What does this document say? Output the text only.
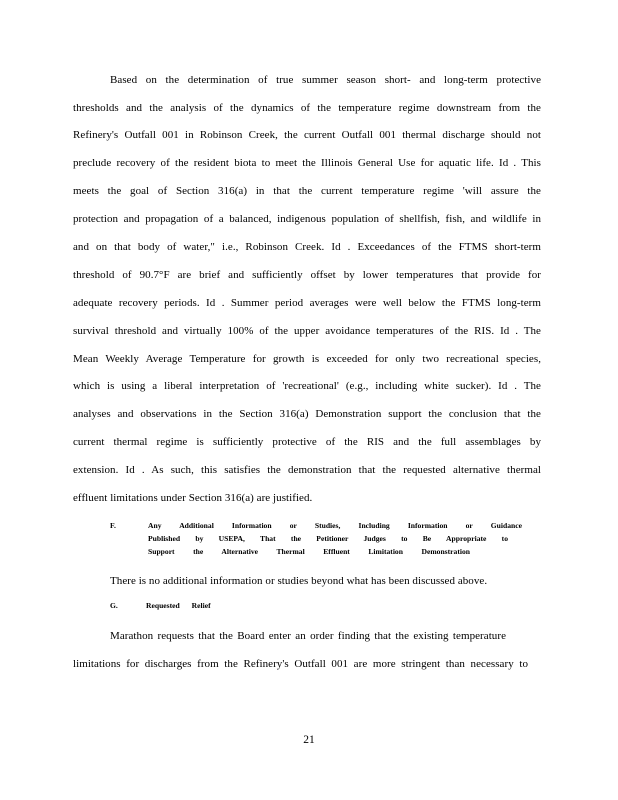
Based on the determination of true summer season short- and long-term protective
thresholds and the analysis of the dynamics of the temperature regime downstream from the
Refinery's Outfall 001 in Robinson Creek, the current Outfall 001 thermal discharge should not
preclude recovery of the resident biota to meet the Illinois General Use for aquatic life. Id . This
meets the goal of Section 316(a) in that the current temperature regime 'will assure the
protection and propagation of a balanced, indigenous population of shellfish, fish, and wildlife in
and on that body of water," i.e., Robinson Creek. Id . Exceedances of the FTMS short-term
threshold of 90.7°F are brief and sufficiently offset by lower temperatures that provide for
adequate recovery periods. Id . Summer period averages were well below the FTMS long-term
survival threshold and virtually 100% of the upper avoidance temperatures of the RIS. Id . The
Mean Weekly Average Temperature for growth is exceeded for only two recreational species,
which is using a liberal interpretation of 'recreational' (e.g., including white sucker). Id . The
analyses and observations in the Section 316(a) Demonstration support the conclusion that the
current thermal regime is sufficiently protective of the RIS and the full assemblages by
extension. Id . As such, this satisfies the demonstration that the requested alternative thermal
effluent limitations under Section 316(a) are justified.
F.	Any Additional Information or Studies, Including Information or Guidance
Published by USEPA, That the Petitioner Judges to Be Appropriate to
Support the Alternative Thermal Effluent Limitation Demonstration
There is no additional information or studies beyond what has been discussed above.
G.	Requested Relief
Marathon requests that the Board enter an order finding that the existing temperature
limitations for discharges from the Refinery's Outfall 001 are more stringent than necessary to
21
